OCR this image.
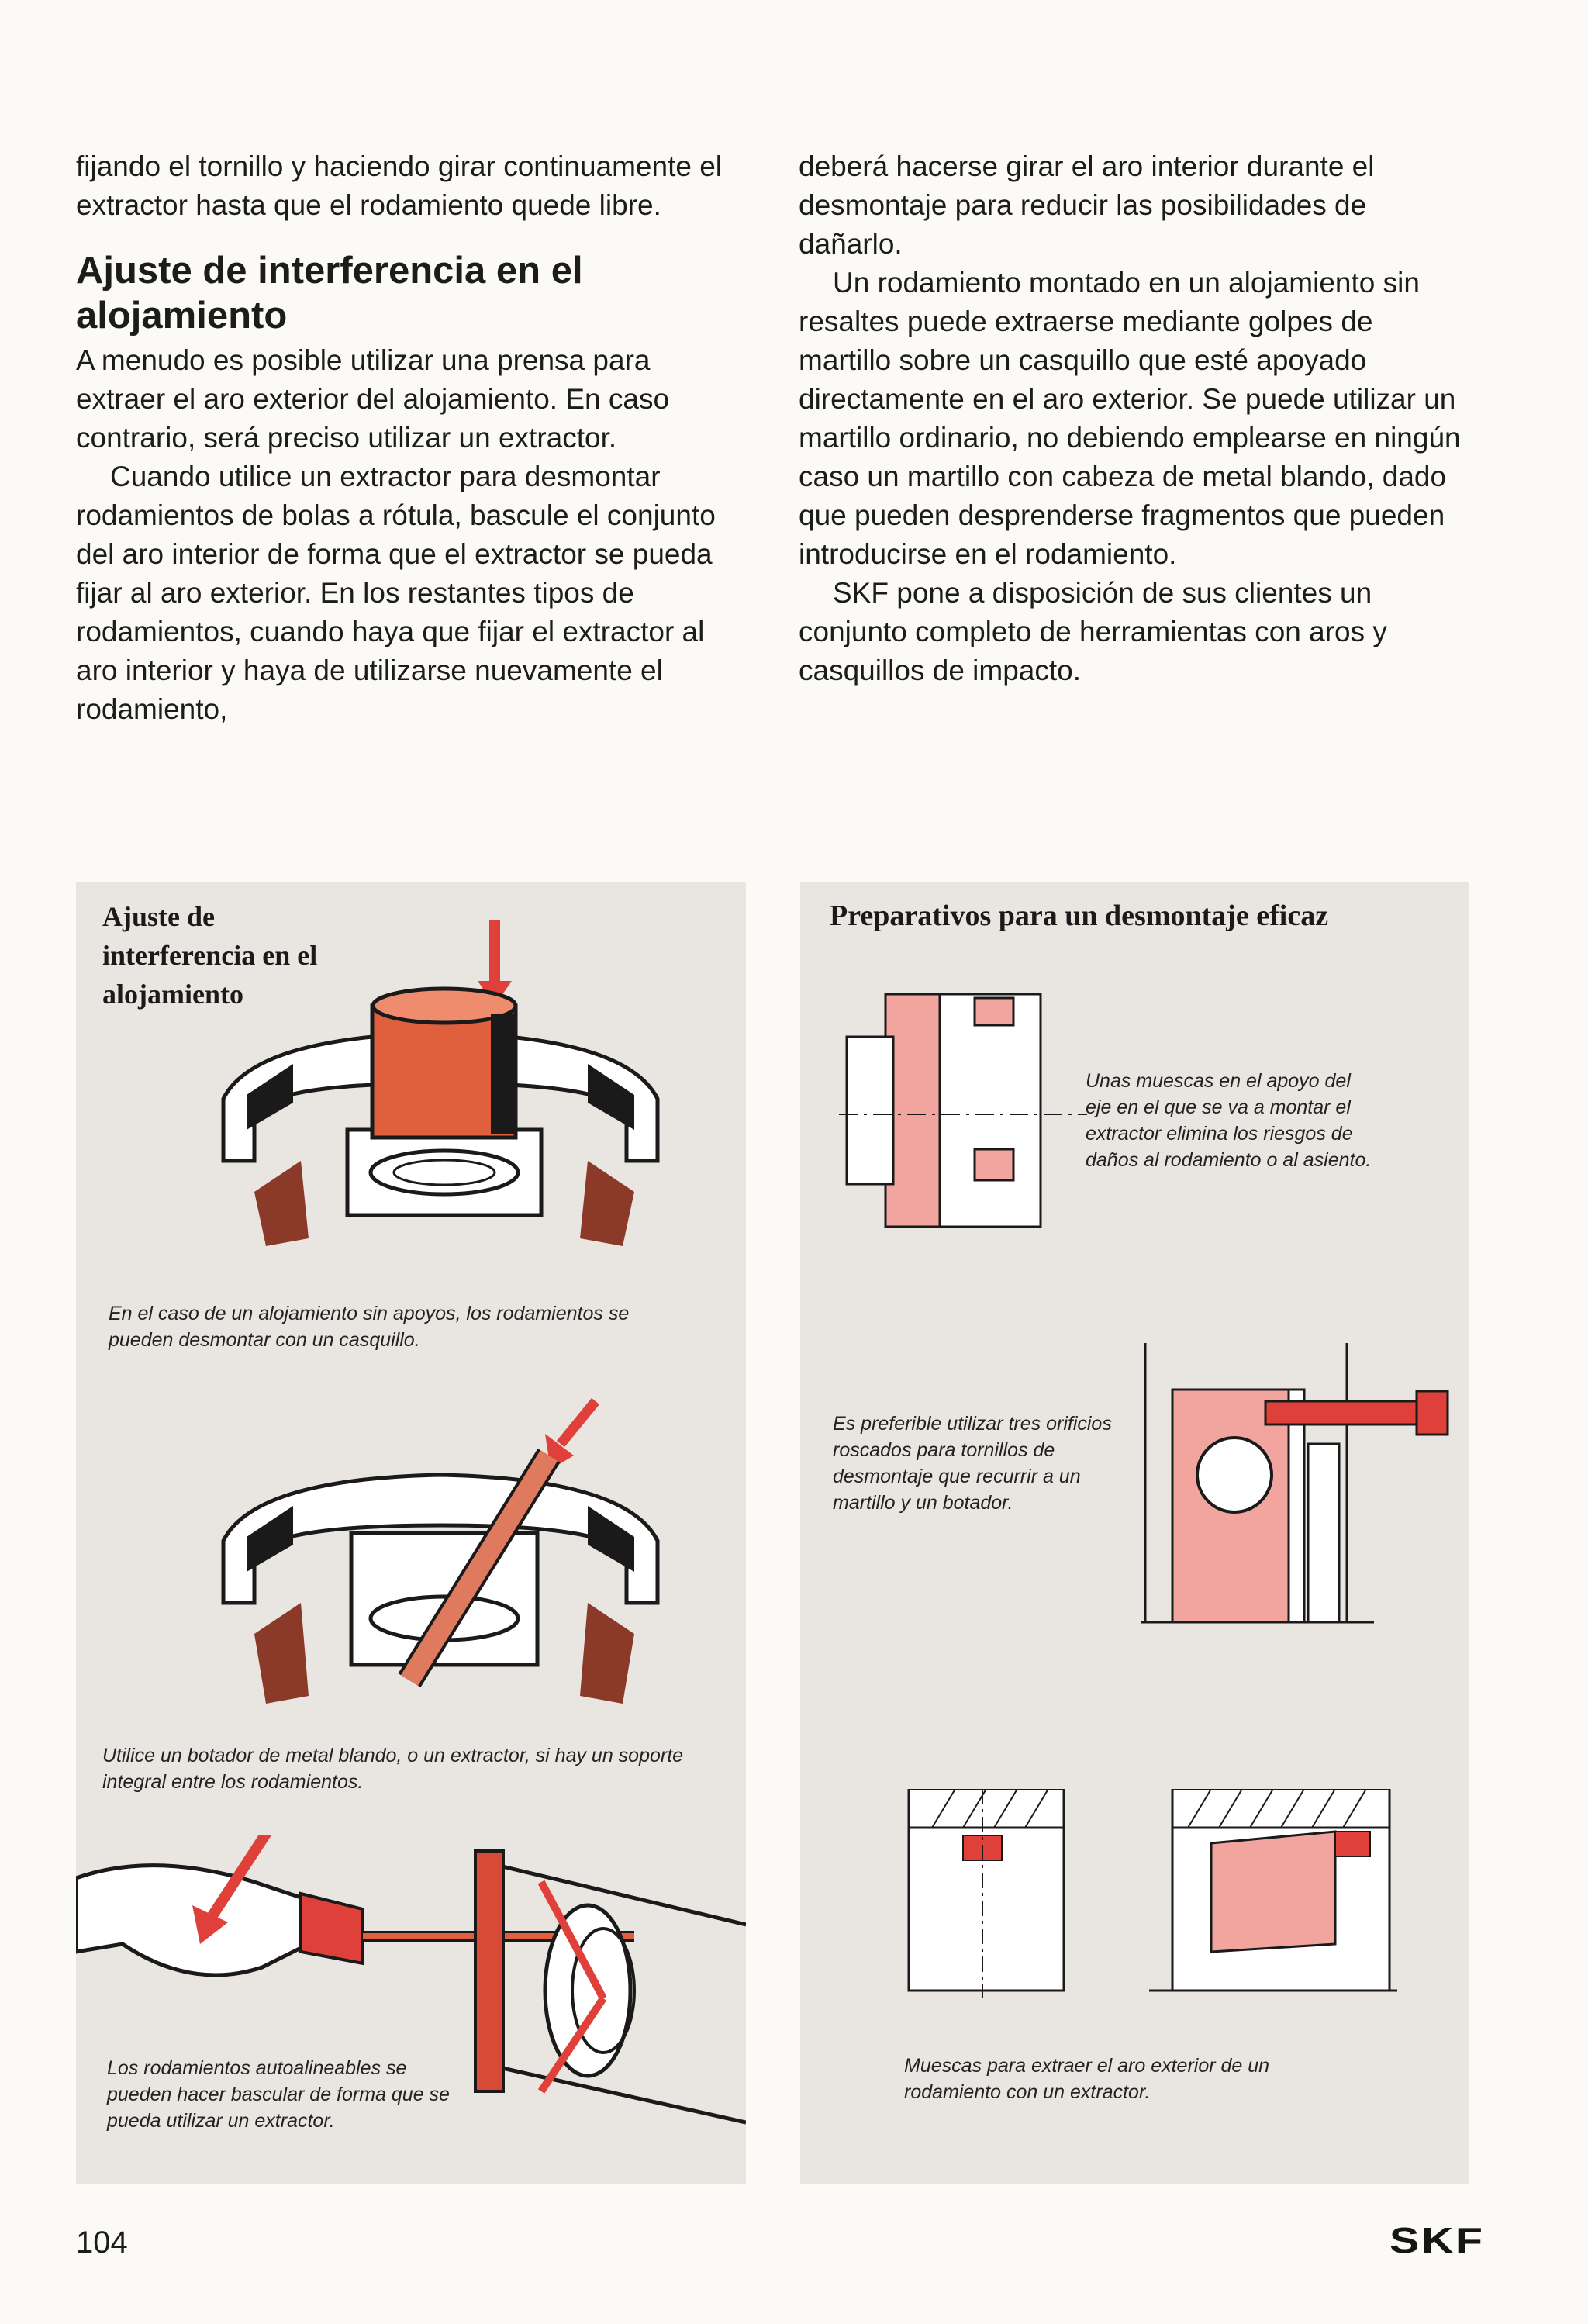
fijando el tornillo y haciendo girar continuamente el extractor hasta que el rodamiento quede libre.

Ajuste de interferencia en el alojamiento

A menudo es posible utilizar una prensa para extraer el aro exterior del alojamiento. En caso contrario, será preciso utilizar un extractor.

Cuando utilice un extractor para desmontar rodamientos de bolas a rótula, bascule el conjunto del aro interior de forma que el extractor se pueda fijar al aro exterior. En los restantes tipos de rodamientos, cuando haya que fijar el extractor al aro interior y haya de utilizarse nuevamente el rodamiento,

Ajuste de interferencia en el alojamiento
En el caso de un alojamiento sin apoyos, los rodamientos se pueden desmontar con un casquillo.
Utilice un botador de metal blando, o un extractor, si hay un soporte integral entre los rodamientos.
Los rodamientos autoalineables se pueden hacer bascular de forma que se pueda utilizar un extractor.
Preparativos para un desmontaje eficaz
Unas muescas en el apoyo del eje en el que se va a montar el extractor elimina los riesgos de daños al rodamiento o al asiento.
Es preferible utilizar tres orificios roscados para tornillos de desmontaje que recurrir a un martillo y un botador.
Muescas para extraer el aro exterior de un rodamiento con un extractor.

deberá hacerse girar el aro interior durante el desmontaje para reducir las posibilidades de dañarlo.

Un rodamiento montado en un alojamiento sin resaltes puede extraerse mediante golpes de martillo sobre un casquillo que esté apoyado directamente en el aro exterior. Se puede utilizar un martillo ordinario, no debiendo emplearse en ningún caso un martillo con cabeza de metal blando, dado que pueden desprenderse fragmentos que pueden introducirse en el rodamiento.

SKF pone a disposición de sus clientes un conjunto completo de herramientas con aros y casquillos de impacto.

104	SKF
